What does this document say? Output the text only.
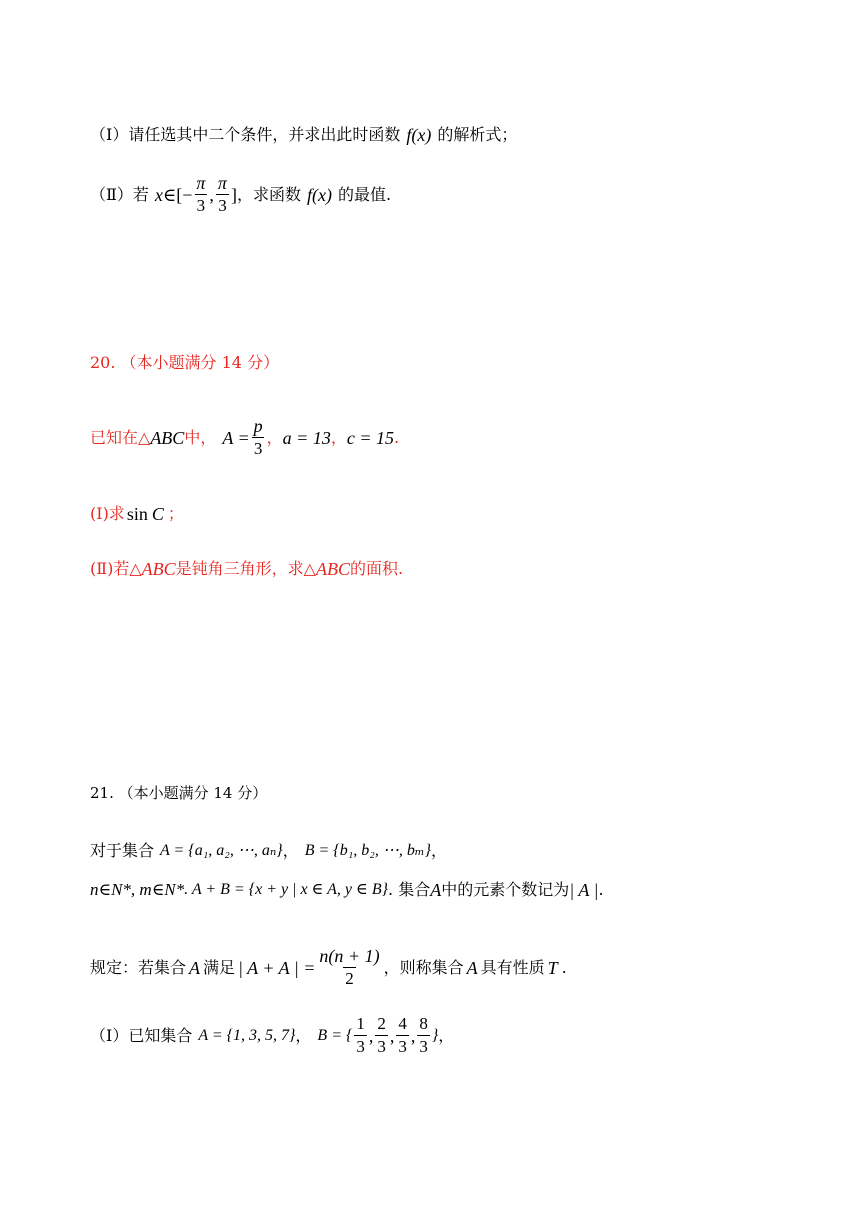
（Ⅰ） 请任选其中二个条件，并求出此时函数 f(x) 的解析式；
（Ⅱ） 若 x ∈[− $\frac{\pi}{3}$ , $\frac{\pi}{3}$ ] ，求函数 f(x) 的最值.
20. （本小题满分 14 分）
已知在△ ABC 中， $A = \frac{p}{3}$ ， a = 13 ， c = 15 .
(Ⅰ)求 sin C ；
(Ⅱ)若△ ABC 是钝角三角形，求△ ABC 的面积.
21. （本小题满分 14 分）
对于集合 A = {a₁, a₂, ⋯, aₙ} ， B = {b₁, b₂, ⋯, bₘ} ，
n∈N*, m∈N* . A + B = {x + y | x ∈ A, y ∈ B} . 集合 A 中的元素个数记为 | A | .
规定：若集合 A 满足 | A + A | = $\frac{n(n + 1)}{2}$ ，则称集合 A 具有性质 T .
（Ⅰ）已知集合 A = {1, 3, 5, 7} ， B = { $\frac{1}{3}$ , $\frac{2}{3}$ , $\frac{4}{3}$ , $\frac{8}{3}$ } ，
